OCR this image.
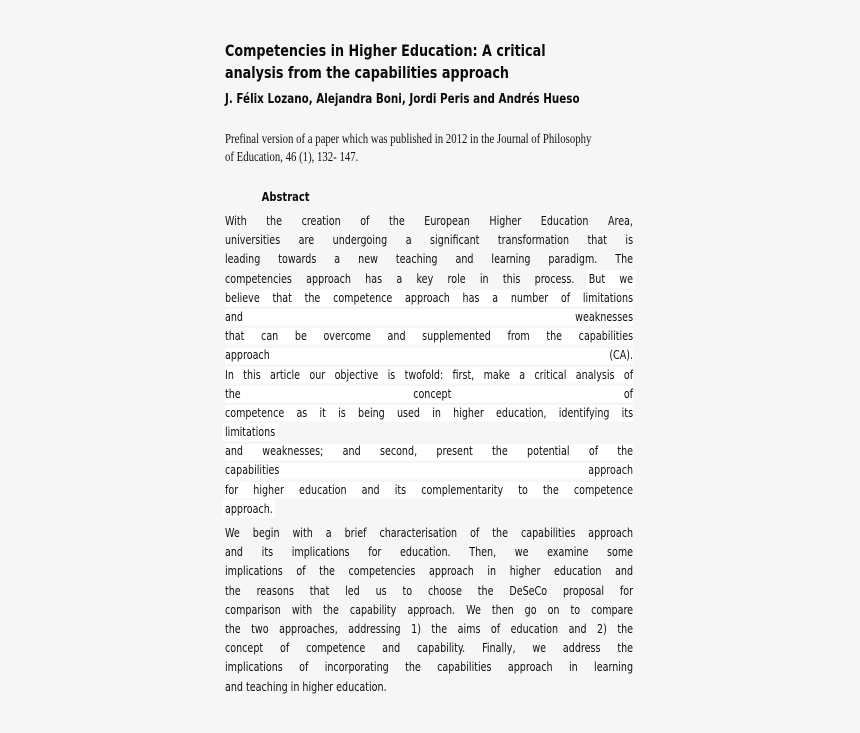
Competencies in Higher Education: A critical
analysis from the capabilities approach
J. Félix Lozano, Alejandra Boni, Jordi Peris and Andrés Hueso
Prefinal version of a paper which was published in 2012 in the Journal of Philosophy
of Education, 46 (1), 132- 147.
Abstract
With the creation of the European Higher Education Area,
universities are undergoing a significant transformation that is
leading towards a new teaching and learning paradigm. The
competencies approach has a key role in this process. But we
believe that the competence approach has a number of limitations
and weaknesses
that can be overcome and supplemented from the capabilities
approach (CA).
In this article our objective is twofold: first, make a critical analysis of
the concept of
competence as it is being used in higher education, identifying its
limitations
and weaknesses; and second, present the potential of the
capabilities approach
for higher education and its complementarity to the competence
approach.
We begin with a brief characterisation of the capabilities approach
and its implications for education. Then, we examine some
implications of the competencies approach in higher education and
the reasons that led us to choose the DeSeCo proposal for
comparison with the capability approach. We then go on to compare
the two approaches, addressing 1) the aims of education and 2) the
concept of competence and capability. Finally, we address the
implications of incorporating the capabilities approach in learning
and teaching in higher education.
